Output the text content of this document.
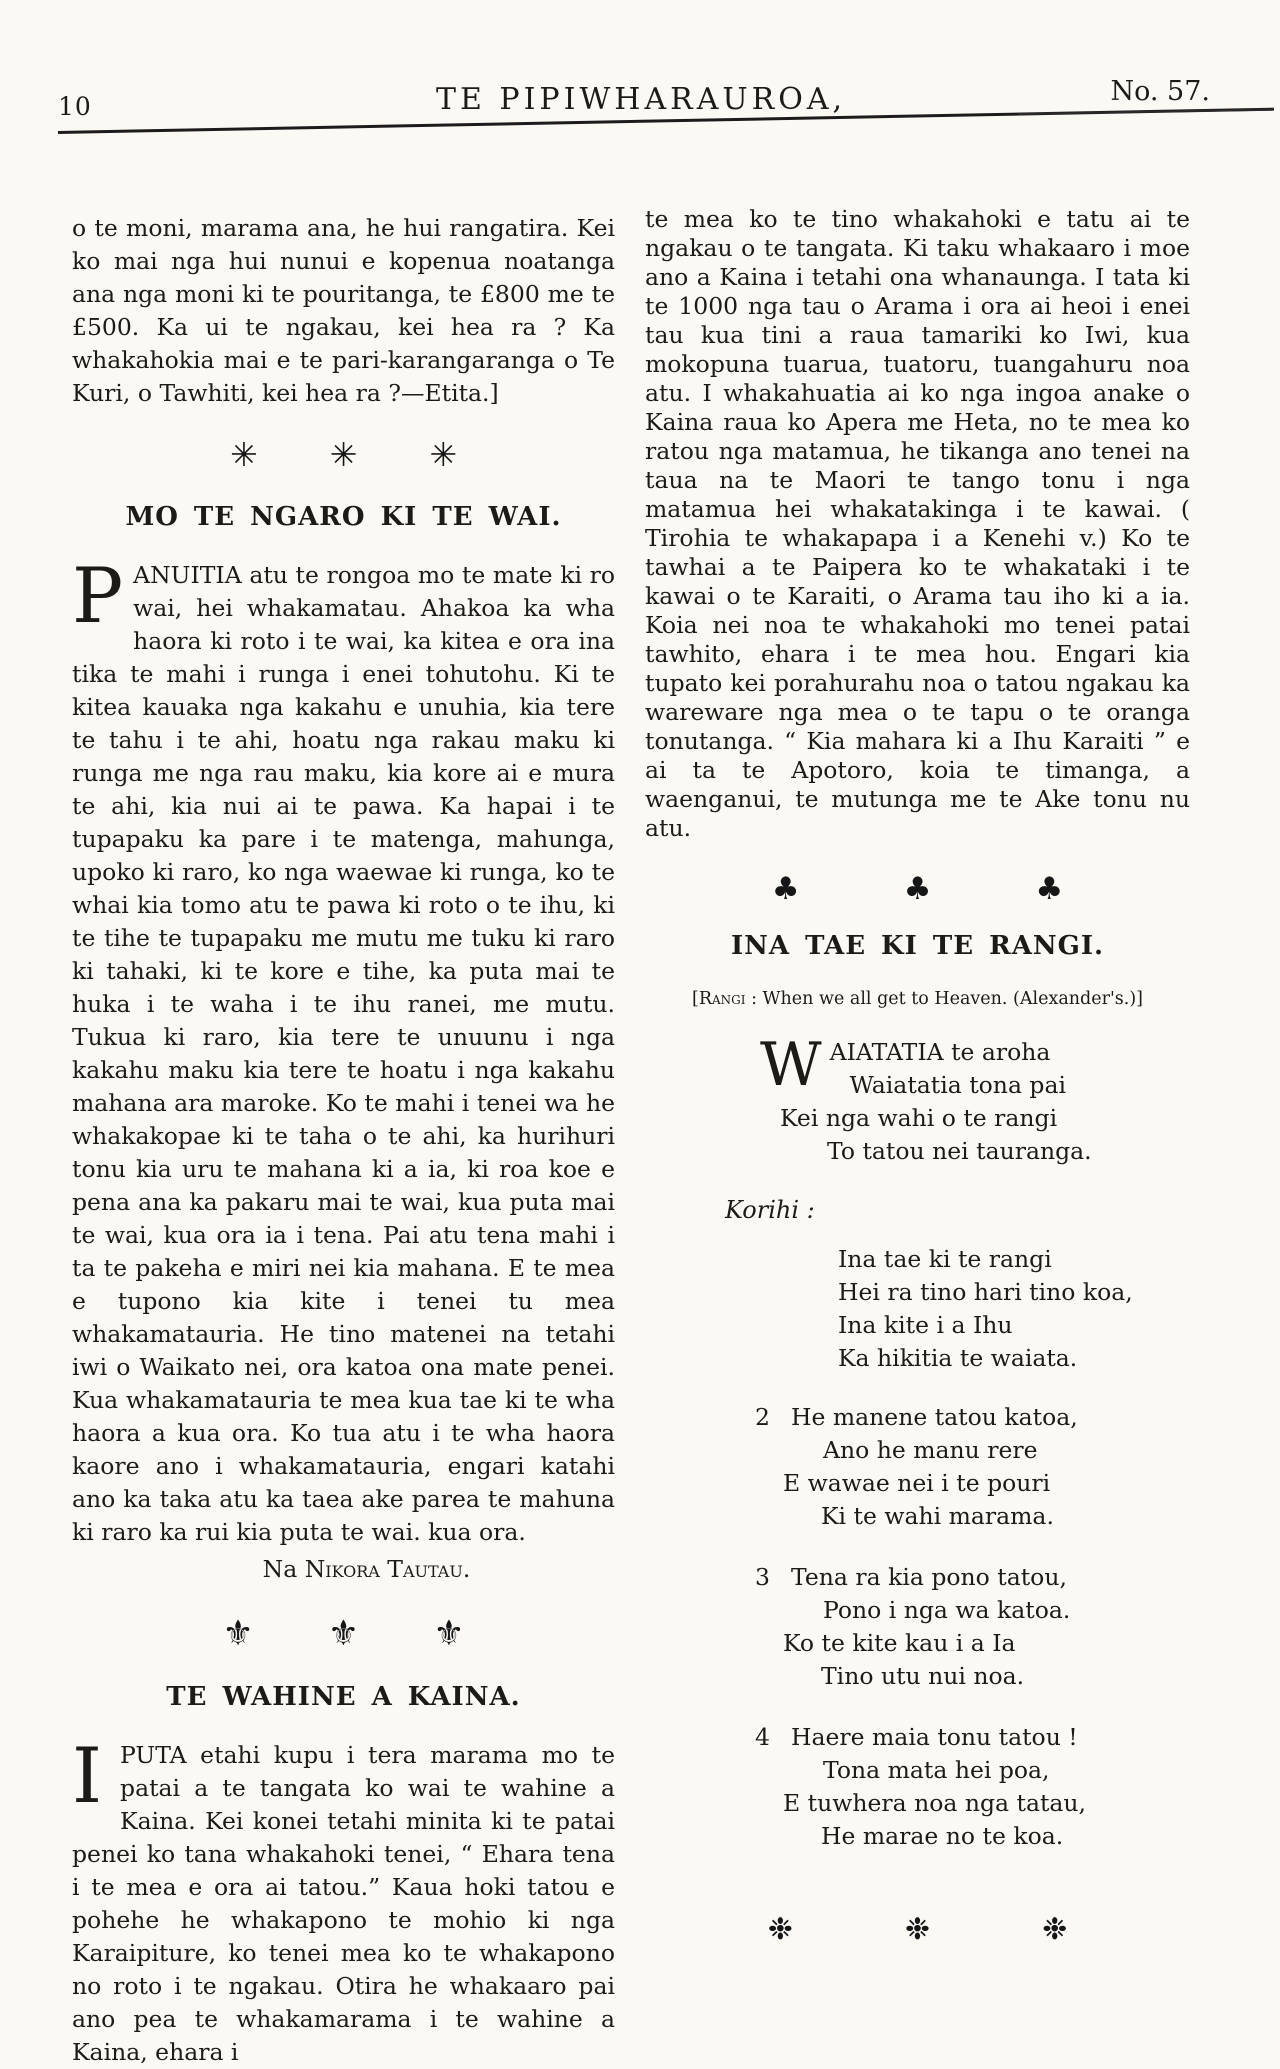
10	TE PIPIWHARAUROA,	No. 57.

o te moni, marama ana, he hui rangatira. Kei ko mai nga hui nunui e kopenua noatanga ana nga moni ki te pouritanga, te £800 me te £500. Ka ui te ngakau, kei hea ra ? Ka whakahokia mai e te pari-karangaranga o Te Kuri, o Tawhiti, kei hea ra ?—Etita.]

✳ ✳ ✳
MO TE NGARO KI TE WAI.

PANUITIA atu te rongoa mo te mate ki ro wai, hei whakamatau. Ahakoa ka wha haora ki roto i te wai, ka kitea e ora ina tika te mahi i runga i enei tohutohu. Ki te kitea kauaka nga kakahu e unuhia, kia tere te tahu i te ahi, hoatu nga rakau maku ki runga me nga rau maku, kia kore ai e mura te ahi, kia nui ai te pawa. Ka hapai i te tupapaku ka pare i te matenga, mahunga, upoko ki raro, ko nga waewae ki runga, ko te whai kia tomo atu te pawa ki roto o te ihu, ki te tihe te tupapaku me mutu me tuku ki raro ki tahaki, ki te kore e tihe, ka puta mai te huka i te waha i te ihu ranei, me mutu. Tukua ki raro, kia tere te unuunu i nga kakahu maku kia tere te hoatu i nga kakahu mahana ara maroke. Ko te mahi i tenei wa he whakakopae ki te taha o te ahi, ka hurihuri tonu kia uru te mahana ki a ia, ki roa koe e pena ana ka pakaru mai te wai, kua puta mai te wai, kua ora ia i tena. Pai atu tena mahi i ta te pakeha e miri nei kia mahana. E te mea e tupono kia kite i tenei tu mea whakamatauria. He tino matenei na tetahi iwi o Waikato nei, ora katoa ona mate penei. Kua whakamatauria te mea kua tae ki te wha haora a kua ora. Ko tua atu i te wha haora kaore ano i whakamatauria, engari katahi ano ka taka atu ka taea ake parea te mahuna ki raro ka rui kia puta te wai. kua ora.

Na Nikora Tautau.
⚜ ⚜ ⚜
TE WAHINE A KAINA.

IPUTA etahi kupu i tera marama mo te patai a te tangata ko wai te wahine a Kaina. Kei konei tetahi minita ki te patai penei ko tana whakahoki tenei, “ Ehara tena i te mea e ora ai tatou.” Kaua hoki tatou e pohehe he whakapono te mohio ki nga Karaipiture, ko tenei mea ko te whakapono no roto i te ngakau. Otira he whakaaro pai ano pea te whakamarama i te wahine a Kaina, ehara i

te mea ko te tino whakahoki e tatu ai te ngakau o te tangata. Ki taku whakaaro i moe ano a Kaina i tetahi ona whanaunga. I tata ki te 1000 nga tau o Arama i ora ai heoi i enei tau kua tini a raua tamariki ko Iwi, kua mokopuna tuarua, tuatoru, tuangahuru noa atu. I whakahuatia ai ko nga ingoa anake o Kaina raua ko Apera me Heta, no te mea ko ratou nga matamua, he tikanga ano tenei na taua na te Maori te tango tonu i nga matamua hei whakatakinga i te kawai. ( Tirohia te whakapapa i a Kenehi v.) Ko te tawhai a te Paipera ko te whakataki i te kawai o te Karaiti, o Arama tau iho ki a ia. Koia nei noa te whakahoki mo tenei patai tawhito, ehara i te mea hou. Engari kia tupato kei porahurahu noa o tatou ngakau ka wareware nga mea o te tapu o te oranga tonutanga. “ Kia mahara ki a Ihu Karaiti ” e ai ta te Apotoro, koia te timanga, a waenganui, te mutunga me te Ake tonu nu atu.

♣	♣	♣
INA TAE KI TE RANGI.
[Rangi : When we all get to Heaven. (Alexander's.)]
W AIATATIA te aroha
Waiatatia tona pai
Kei nga wahi o te rangi
To tatou nei tauranga.
Korihi :
Ina tae ki te rangi
Hei ra tino hari tino koa,
Ina kite i a Ihu
Ka hikitia te waiata.
2 He manene tatou katoa,
Ano he manu rere
E wawae nei i te pouri
Ki te wahi marama.
3 Tena ra kia pono tatou,
Pono i nga wa katoa.
Ko te kite kau i a Ia
Tino utu nui noa.
4 Haere maia tonu tatou !
Tona mata hei poa,
E tuwhera noa nga tatau,
He marae no te koa.
❉	❉	❉
